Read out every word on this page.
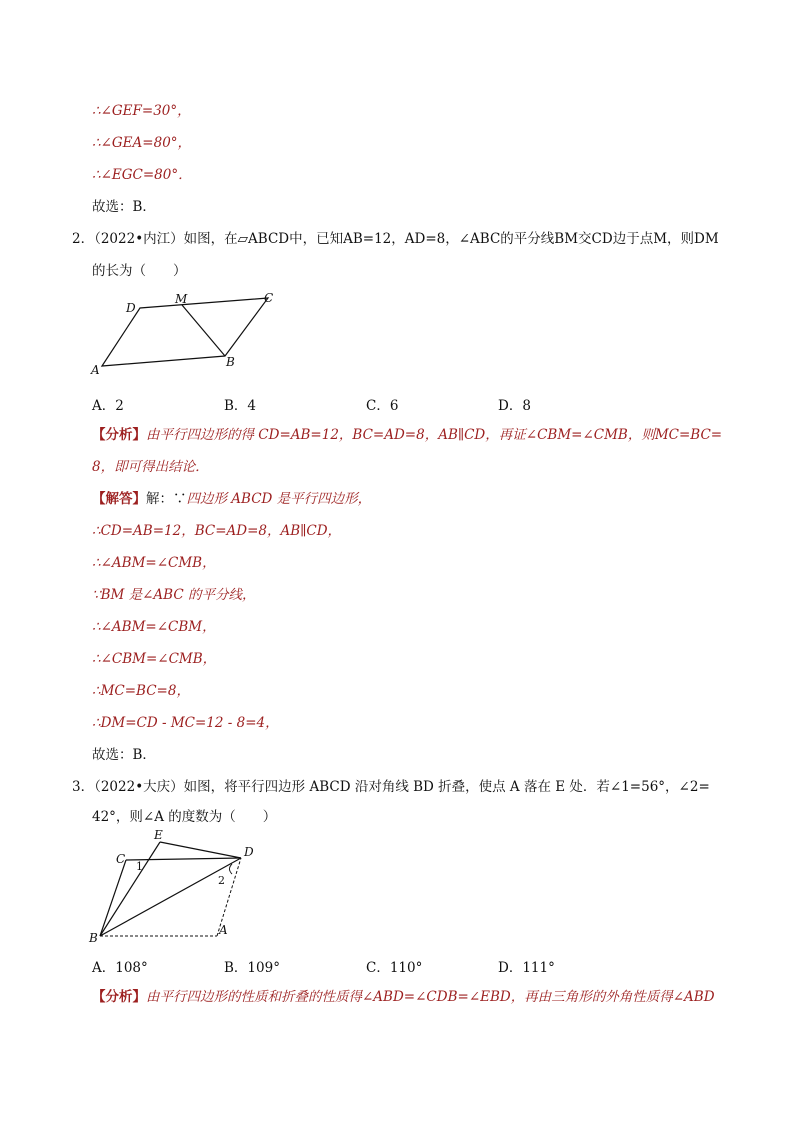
∴∠GEF=30°，
∴∠GEA=80°，
∴∠EGC=80°．
故选：B．
2．（2022•内江）如图，在▱ABCD中，已知AB=12，AD=8，∠ABC的平分线BM交CD边于点M，则DM
的长为（　　）
D
M	C
A
B
A．2	B．4	C．6	D．8
【分析】由平行四边形的得 CD=AB=12，BC=AD=8，AB∥CD，再证∠CBM=∠CMB，则MC=BC=
8，即可得出结论．
【解答】解：∵四边形 ABCD 是平行四边形，
∴CD=AB=12，BC=AD=8，AB∥CD，
∴∠ABM=∠CMB，
∵BM 是∠ABC 的平分线，
∴∠ABM=∠CBM，
∴∠CBM=∠CMB，
∴MC=BC=8，
∴DM=CD - MC=12 - 8=4，
故选：B．
3．（2022•大庆）如图，将平行四边形 ABCD 沿对角线 BD 折叠，使点 A 落在 E 处．若∠1=56°，∠2=
42°，则∠A 的度数为（　　）
E
C	D
1
2
B
A
A．108°	B．109°	C．110°	D．111°
【分析】由平行四边形的性质和折叠的性质得∠ABD=∠CDB=∠EBD，再由三角形的外角性质得∠ABD
